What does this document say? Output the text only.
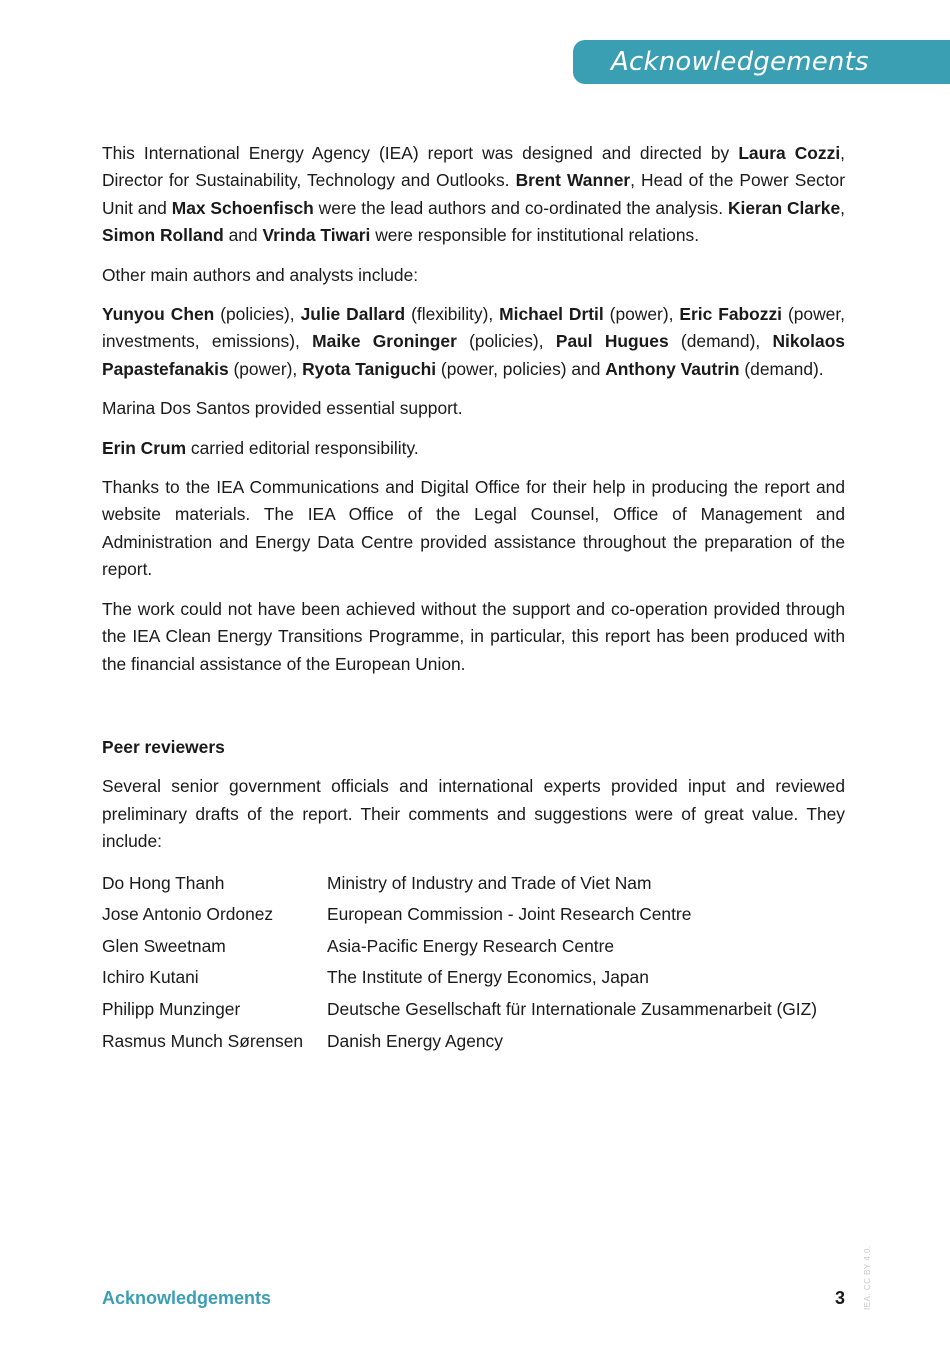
Acknowledgements

This International Energy Agency (IEA) report was designed and directed by Laura Cozzi, Director for Sustainability, Technology and Outlooks. Brent Wanner, Head of the Power Sector Unit and Max Schoenfisch were the lead authors and co-ordinated the analysis. Kieran Clarke, Simon Rolland and Vrinda Tiwari were responsible for institutional relations.

Other main authors and analysts include:

Yunyou Chen (policies), Julie Dallard (flexibility), Michael Drtil (power), Eric Fabozzi (power, investments, emissions), Maike Groninger (policies), Paul Hugues (demand), Nikolaos Papastefanakis (power), Ryota Taniguchi (power, policies) and Anthony Vautrin (demand).

Marina Dos Santos provided essential support.

Erin Crum carried editorial responsibility.

Thanks to the IEA Communications and Digital Office for their help in producing the report and website materials. The IEA Office of the Legal Counsel, Office of Management and Administration and Energy Data Centre provided assistance throughout the preparation of the report.

The work could not have been achieved without the support and co-operation provided through the IEA Clean Energy Transitions Programme, in particular, this report has been produced with the financial assistance of the European Union.

Peer reviewers

Several senior government officials and international experts provided input and reviewed preliminary drafts of the report. Their comments and suggestions were of great value. They include:

Do Hong Thanh	Ministry of Industry and Trade of Viet Nam
Jose Antonio Ordonez	European Commission - Joint Research Centre
Glen Sweetnam	Asia-Pacific Energy Research Centre
Ichiro Kutani	The Institute of Energy Economics, Japan
Philipp Munzinger	Deutsche Gesellschaft für Internationale Zusammenarbeit (GIZ)
Rasmus Munch Sørensen	Danish Energy Agency
Acknowledgements	3 IEA. CC BY 4.0.
